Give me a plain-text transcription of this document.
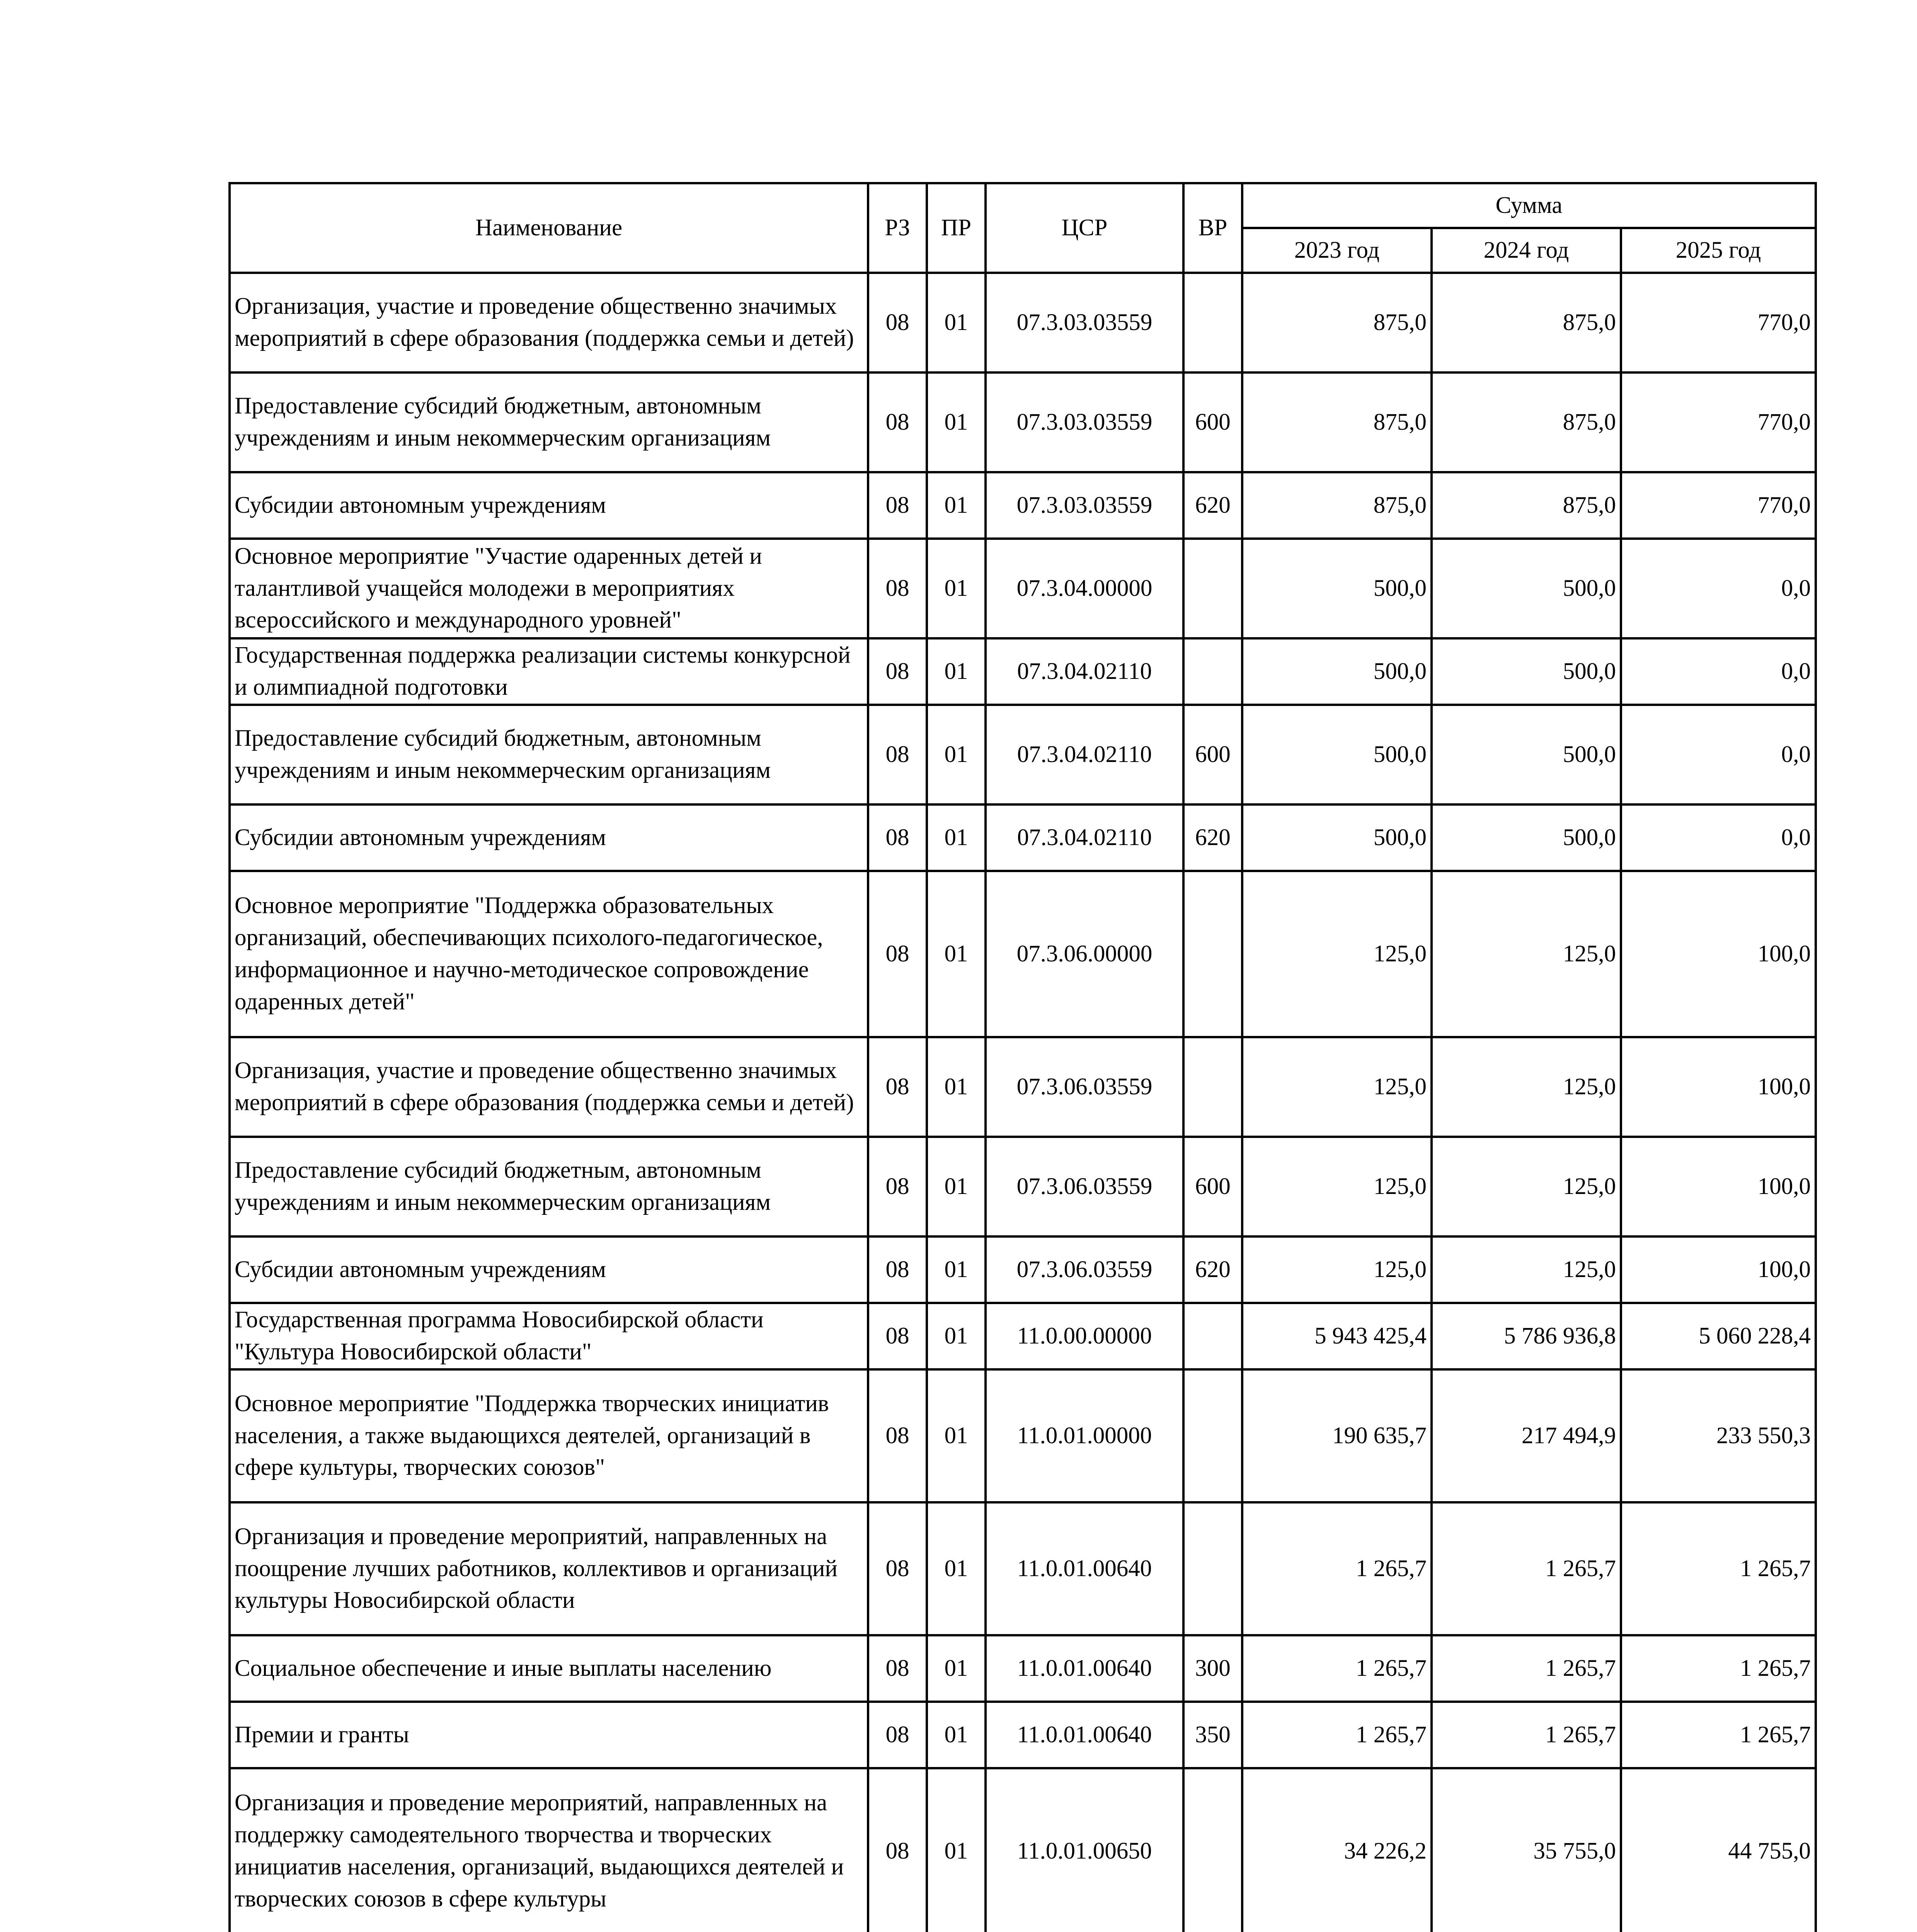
Наименование	РЗ	ПР	ЦСР	ВР	Сумма		
					2023 год	2024 год	2025 год
Организация, участие и проведение общественно значимых мероприятий в сфере образования (поддержка семьи и детей)	08	01	07.3.03.03559		875,0	875,0	770,0
Предоставление субсидий бюджетным, автономным учреждениям и иным некоммерческим организациям	08	01	07.3.03.03559	600	875,0	875,0	770,0
Субсидии автономным учреждениям	08	01	07.3.03.03559	620	875,0	875,0	770,0
Основное мероприятие "Участие одаренных детей и талантливой учащейся молодежи в мероприятиях всероссийского и международного уровней"	08	01	07.3.04.00000		500,0	500,0	0,0
Государственная поддержка реализации системы конкурсной и олимпиадной подготовки	08	01	07.3.04.02110		500,0	500,0	0,0
Предоставление субсидий бюджетным, автономным учреждениям и иным некоммерческим организациям	08	01	07.3.04.02110	600	500,0	500,0	0,0
Субсидии автономным учреждениям	08	01	07.3.04.02110	620	500,0	500,0	0,0
Основное мероприятие "Поддержка образовательных организаций, обеспечивающих психолого-педагогическое, информационное и научно-методическое сопровождение одаренных детей"	08	01	07.3.06.00000		125,0	125,0	100,0
Организация, участие и проведение общественно значимых мероприятий в сфере образования (поддержка семьи и детей)	08	01	07.3.06.03559		125,0	125,0	100,0
Предоставление субсидий бюджетным, автономным учреждениям и иным некоммерческим организациям	08	01	07.3.06.03559	600	125,0	125,0	100,0
Субсидии автономным учреждениям	08	01	07.3.06.03559	620	125,0	125,0	100,0
Государственная программа Новосибирской области "Культура Новосибирской области"	08	01	11.0.00.00000		5 943 425,4	5 786 936,8	5 060 228,4
Основное мероприятие "Поддержка творческих инициатив населения, а также выдающихся деятелей, организаций в сфере культуры, творческих союзов"	08	01	11.0.01.00000		190 635,7	217 494,9	233 550,3
Организация и проведение мероприятий, направленных на поощрение лучших работников, коллективов и организаций культуры Новосибирской области	08	01	11.0.01.00640		1 265,7	1 265,7	1 265,7
Социальное обеспечение и иные выплаты населению	08	01	11.0.01.00640	300	1 265,7	1 265,7	1 265,7
Премии и гранты	08	01	11.0.01.00640	350	1 265,7	1 265,7	1 265,7
Организация и проведение мероприятий, направленных на поддержку самодеятельного творчества и творческих инициатив населения, организаций, выдающихся деятелей и творческих союзов в сфере культуры	08	01	11.0.01.00650		34 226,2	35 755,0	44 755,0
